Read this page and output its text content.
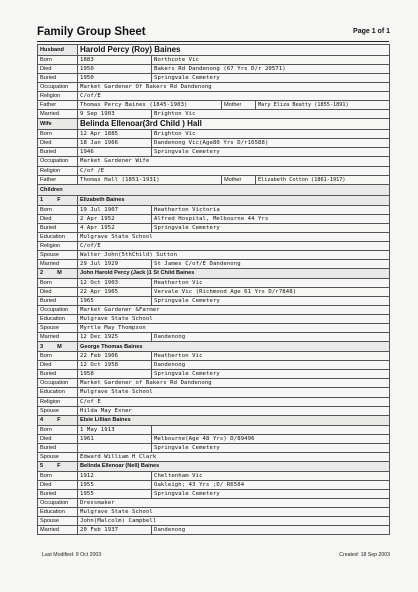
Family Group Sheet	Page 1 of 1
Husband	Harold Percy (Roy) Baines		
Born	1883	Northcote Vic	
Died	1950	Bakers Rd Dandenong (67 Yrs D/r 20571)	
Buried	1950	Springvale Cemetery	
Occupation	Market Gardener Of Bakers Rd Dandenong		
Religion	C/of/E		
Father	Thomas Percy Baines (1845-1903)		Mother Mary Eliza Beatty (1855-1891)

Married	9 Sep 1903	Brighton Vic	
Wife	Belinda Ellenoar(3rd Child ) Hall		
Born	12 Apr 1885	Brighton Vic	
Died	18 Jan 1966	Dandenong Vic(Age80 Yrs D/r16588)	
Buried	1946	Springvale Cemetery	
Occupation	Market Gardener Wife		
Religion	C/of /E		
Father	Thomas Hall (1851-1931)		Mother Elizabeth Cotton (1861-1917)

Children			
1 F	Elizabeth Baines		
Born	19 Jul 1907	Heatherton Victoria	
Died	2 Apr 1952	Alfred Hospital, Melbourne 44 Yrs	
Buried	4 Apr 1952	Springvale Cemetery	
Education	Mulgrave State School		
Religion	C/of/E		
Spouse	Walter John(5thChild) Sutton		
Married	29 Jul 1929	St James C/of/E Dandenong	
2 M	John Harold Percy (Jack )1 St Child Baines		
Born	12 Oct 1903	Heatherton Vic	
Died	22 Apr 1965	Vervale Vic (Richmond Age 61 Yrs D/r7848)	
Buried	1965	Springvale Cemetery	
Occupation	Market Gardener &Farmer		
Education	Mulgrave State School		
Spouse	Myrtle May Thompson		
Married	12 Dec 1925	Dandenong	
3 M	George Thomas Baines		
Born	22 Feb 1906	Heatherton Vic	
Died	12 Oct 1958	Dandenong	
Buried	1958	Springvale Cemetery	
Occupation	Market Gardener of Bakers Rd Dandenong		
Education	Mulgrave State School		
Religion	C/of E		
Spouse	Hilda May Exner		
4 F	Elsie Lillian Baines		
Born	1 May 1913		
Died	1961	Melbourne(Age 48 Yrs) D/89496	
Buried		Springvale Cemetery	
Spouse	Edward William H Clark		
5 F	Belinda Ellenoar (Nell) Baines		
Born	1912	Cheltenham Vic	
Died	1955	Oakleigh; 43 Yrs ;D/ R6584	
Buried	1955	Springvale Cemetery	
Occupation	Dressmaker		
Education	Mulgrave State School		
Spouse	John(Malcolm) Campbell		
Married	20 Feb 1937	Dandenong	
Last Modified: 9 Oct 2003	Created: 18 Sep 2003
